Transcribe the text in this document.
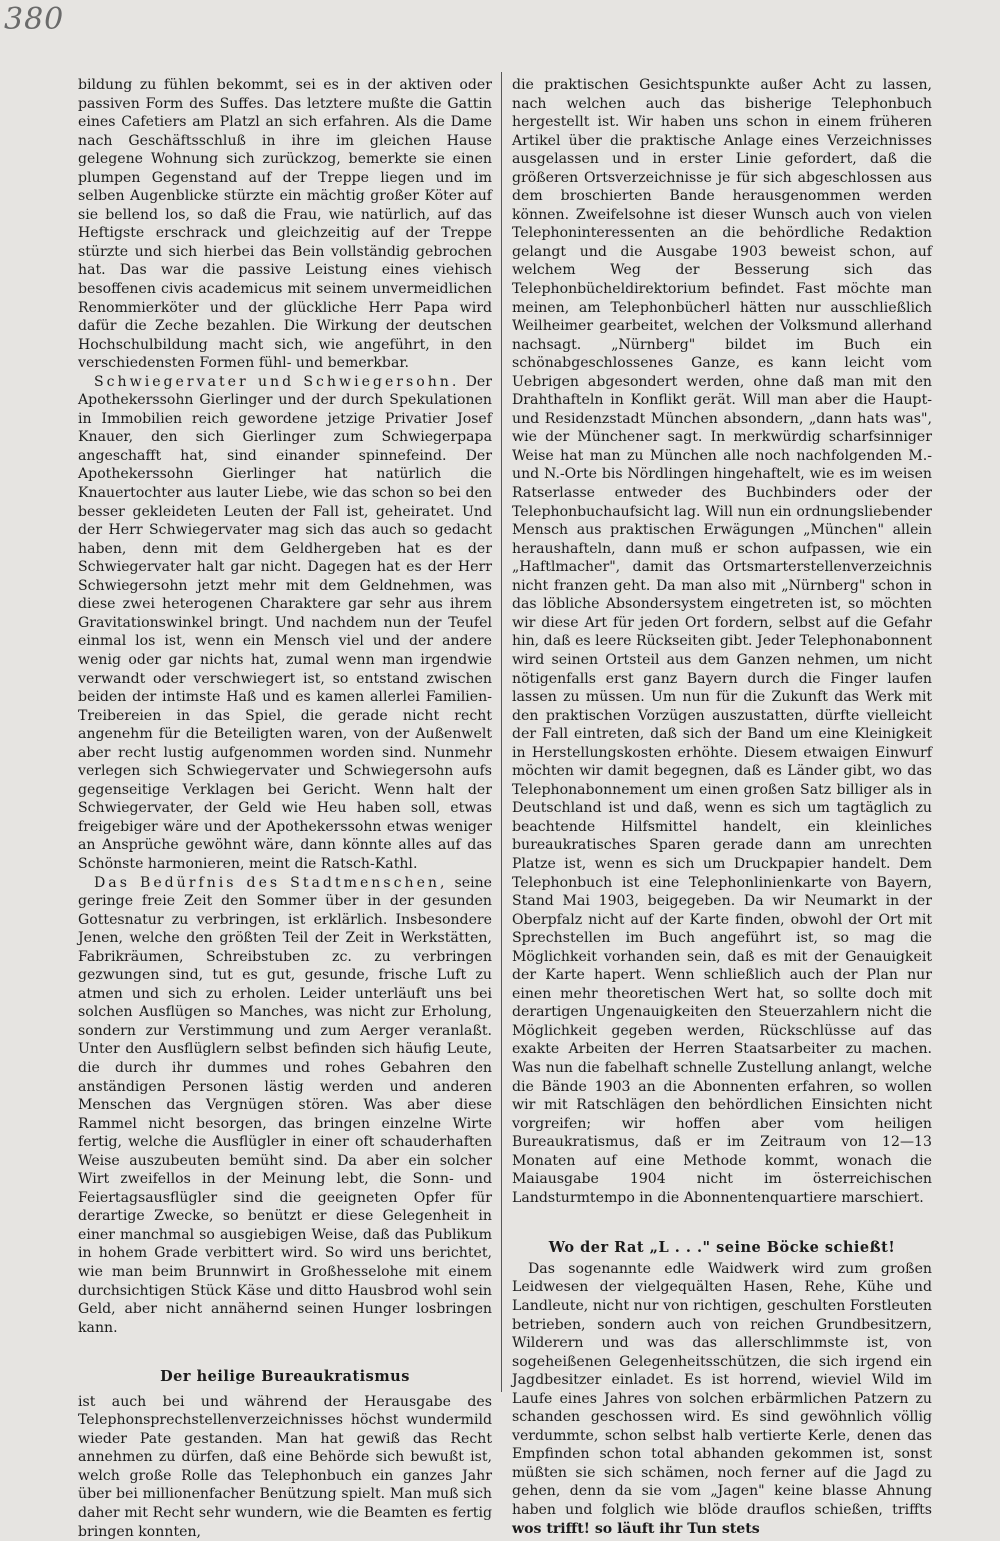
380

bildung zu fühlen bekommt, sei es in der aktiven oder passiven Form des Suffes. Das letztere mußte die Gattin eines Cafetiers am Platzl an sich erfahren. Als die Dame nach Geschäftsschluß in ihre im gleichen Hause gelegene Wohnung sich zurückzog, bemerkte sie einen plumpen Gegenstand auf der Treppe liegen und im selben Augenblicke stürzte ein mächtig großer Köter auf sie bellend los, so daß die Frau, wie natürlich, auf das Heftigste erschrack und gleichzeitig auf der Treppe stürzte und sich hierbei das Bein vollständig gebrochen hat. Das war die passive Leistung eines viehisch besoffenen civis academicus mit seinem unvermeidlichen Renommierköter und der glückliche Herr Papa wird dafür die Zeche bezahlen. Die Wirkung der deutschen Hochschulbildung macht sich, wie angeführt, in den verschiedensten Formen fühl- und bemerkbar.

Schwiegervater und Schwiegersohn. Der Apothekerssohn Gierlinger und der durch Spekulationen in Immobilien reich gewordene jetzige Privatier Josef Knauer, den sich Gierlinger zum Schwiegerpapa angeschafft hat, sind einander spinnefeind. Der Apothekerssohn Gierlinger hat natürlich die Knauertochter aus lauter Liebe, wie das schon so bei den besser gekleideten Leuten der Fall ist, geheiratet. Und der Herr Schwiegervater mag sich das auch so gedacht haben, denn mit dem Geldhergeben hat es der Schwiegervater halt gar nicht. Dagegen hat es der Herr Schwiegersohn jetzt mehr mit dem Geldnehmen, was diese zwei heterogenen Charaktere gar sehr aus ihrem Gravitationswinkel bringt. Und nachdem nun der Teufel einmal los ist, wenn ein Mensch viel und der andere wenig oder gar nichts hat, zumal wenn man irgendwie verwandt oder verschwiegert ist, so entstand zwischen beiden der intimste Haß und es kamen allerlei Familien-Treibereien in das Spiel, die gerade nicht recht angenehm für die Beteiligten waren, von der Außenwelt aber recht lustig aufgenommen worden sind. Nunmehr verlegen sich Schwiegervater und Schwiegersohn aufs gegenseitige Verklagen bei Gericht. Wenn halt der Schwiegervater, der Geld wie Heu haben soll, etwas freigebiger wäre und der Apothekerssohn etwas weniger an Ansprüche gewöhnt wäre, dann könnte alles auf das Schönste harmonieren, meint die Ratsch-Kathl.

Das Bedürfnis des Stadtmenschen, seine geringe freie Zeit den Sommer über in der gesunden Gottesnatur zu verbringen, ist erklärlich. Insbesondere Jenen, welche den größten Teil der Zeit in Werkstätten, Fabrikräumen, Schreibstuben zc. zu verbringen gezwungen sind, tut es gut, gesunde, frische Luft zu atmen und sich zu erholen. Leider unterläuft uns bei solchen Ausflügen so Manches, was nicht zur Erholung, sondern zur Verstimmung und zum Aerger veranlaßt. Unter den Ausflüglern selbst befinden sich häufig Leute, die durch ihr dummes und rohes Gebahren den anständigen Personen lästig werden und anderen Menschen das Vergnügen stören. Was aber diese Rammel nicht besorgen, das bringen einzelne Wirte fertig, welche die Ausflügler in einer oft schauderhaften Weise auszubeuten bemüht sind. Da aber ein solcher Wirt zweifellos in der Meinung lebt, die Sonn- und Feiertagsausflügler sind die geeigneten Opfer für derartige Zwecke, so benützt er diese Gelegenheit in einer manchmal so ausgiebigen Weise, daß das Publikum in hohem Grade verbittert wird. So wird uns berichtet, wie man beim Brunnwirt in Großhesselohe mit einem durchsichtigen Stück Käse und ditto Hausbrod wohl sein Geld, aber nicht annähernd seinen Hunger losbringen kann.

Der heilige Bureaukratismus

ist auch bei und während der Herausgabe des Telephonsprechstellenverzeichnisses höchst wundermild wieder Pate gestanden. Man hat gewiß das Recht annehmen zu dürfen, daß eine Behörde sich bewußt ist, welch große Rolle das Telephonbuch ein ganzes Jahr über bei millionenfacher Benützung spielt. Man muß sich daher mit Recht sehr wundern, wie die Beamten es fertig bringen konnten,

die praktischen Gesichtspunkte außer Acht zu lassen, nach welchen auch das bisherige Telephonbuch hergestellt ist. Wir haben uns schon in einem früheren Artikel über die praktische Anlage eines Verzeichnisses ausgelassen und in erster Linie gefordert, daß die größeren Ortsverzeichnisse je für sich abgeschlossen aus dem broschierten Bande herausgenommen werden können. Zweifelsohne ist dieser Wunsch auch von vielen Telephoninteressenten an die behördliche Redaktion gelangt und die Ausgabe 1903 beweist schon, auf welchem Weg der Besserung sich das Telephonbücheldirektorium befindet. Fast möchte man meinen, am Telephonbücherl hätten nur ausschließlich Weilheimer gearbeitet, welchen der Volksmund allerhand nachsagt. „Nürnberg" bildet im Buch ein schönabgeschlossenes Ganze, es kann leicht vom Uebrigen abgesondert werden, ohne daß man mit den Drahthafteln in Konflikt gerät. Will man aber die Haupt- und Residenzstadt München absondern, „dann hats was", wie der Münchener sagt. In merkwürdig scharfsinniger Weise hat man zu München alle noch nachfolgenden M.- und N.-Orte bis Nördlingen hingehaftelt, wie es im weisen Ratserlasse entweder des Buchbinders oder der Telephonbuchaufsicht lag. Will nun ein ordnungsliebender Mensch aus praktischen Erwägungen „München" allein heraushafteln, dann muß er schon aufpassen, wie ein „Haftlmacher", damit das Ortsmarterstellenverzeichnis nicht franzen geht. Da man also mit „Nürnberg" schon in das löbliche Absondersystem eingetreten ist, so möchten wir diese Art für jeden Ort fordern, selbst auf die Gefahr hin, daß es leere Rückseiten gibt. Jeder Telephonabonnent wird seinen Ortsteil aus dem Ganzen nehmen, um nicht nötigenfalls erst ganz Bayern durch die Finger laufen lassen zu müssen. Um nun für die Zukunft das Werk mit den praktischen Vorzügen auszustatten, dürfte vielleicht der Fall eintreten, daß sich der Band um eine Kleinigkeit in Herstellungskosten erhöhte. Diesem etwaigen Einwurf möchten wir damit begegnen, daß es Länder gibt, wo das Telephonabonnement um einen großen Satz billiger als in Deutschland ist und daß, wenn es sich um tagtäglich zu beachtende Hilfsmittel handelt, ein kleinliches bureaukratisches Sparen gerade dann am unrechten Platze ist, wenn es sich um Druckpapier handelt. Dem Telephonbuch ist eine Telephonlinienkarte von Bayern, Stand Mai 1903, beigegeben. Da wir Neumarkt in der Oberpfalz nicht auf der Karte finden, obwohl der Ort mit Sprechstellen im Buch angeführt ist, so mag die Möglichkeit vorhanden sein, daß es mit der Genauigkeit der Karte hapert. Wenn schließlich auch der Plan nur einen mehr theoretischen Wert hat, so sollte doch mit derartigen Ungenauigkeiten den Steuerzahlern nicht die Möglichkeit gegeben werden, Rückschlüsse auf das exakte Arbeiten der Herren Staatsarbeiter zu machen. Was nun die fabelhaft schnelle Zustellung anlangt, welche die Bände 1903 an die Abonnenten erfahren, so wollen wir mit Ratschlägen den behördlichen Einsichten nicht vorgreifen; wir hoffen aber vom heiligen Bureaukratismus, daß er im Zeitraum von 12—13 Monaten auf eine Methode kommt, wonach die Maiausgabe 1904 nicht im österreichischen Landsturmtempo in die Abonnentenquartiere marschiert.

Wo der Rat „L . . ." seine Böcke schießt!

Das sogenannte edle Waidwerk wird zum großen Leidwesen der vielgequälten Hasen, Rehe, Kühe und Landleute, nicht nur von richtigen, geschulten Forstleuten betrieben, sondern auch von reichen Grundbesitzern, Wilderern und was das allerschlimmste ist, von sogeheißenen Gelegenheitsschützen, die sich irgend ein Jagdbesitzer einladet. Es ist horrend, wieviel Wild im Laufe eines Jahres von solchen erbärmlichen Patzern zu schanden geschossen wird. Es sind gewöhnlich völlig verdummte, schon selbst halb vertierte Kerle, denen das Empfinden schon total abhanden gekommen ist, sonst müßten sie sich schämen, noch ferner auf die Jagd zu gehen, denn da sie vom „Jagen" keine blasse Ahnung haben und folglich wie blöde drauflos schießen, triffts wos trifft! so läuft ihr Tun stets
